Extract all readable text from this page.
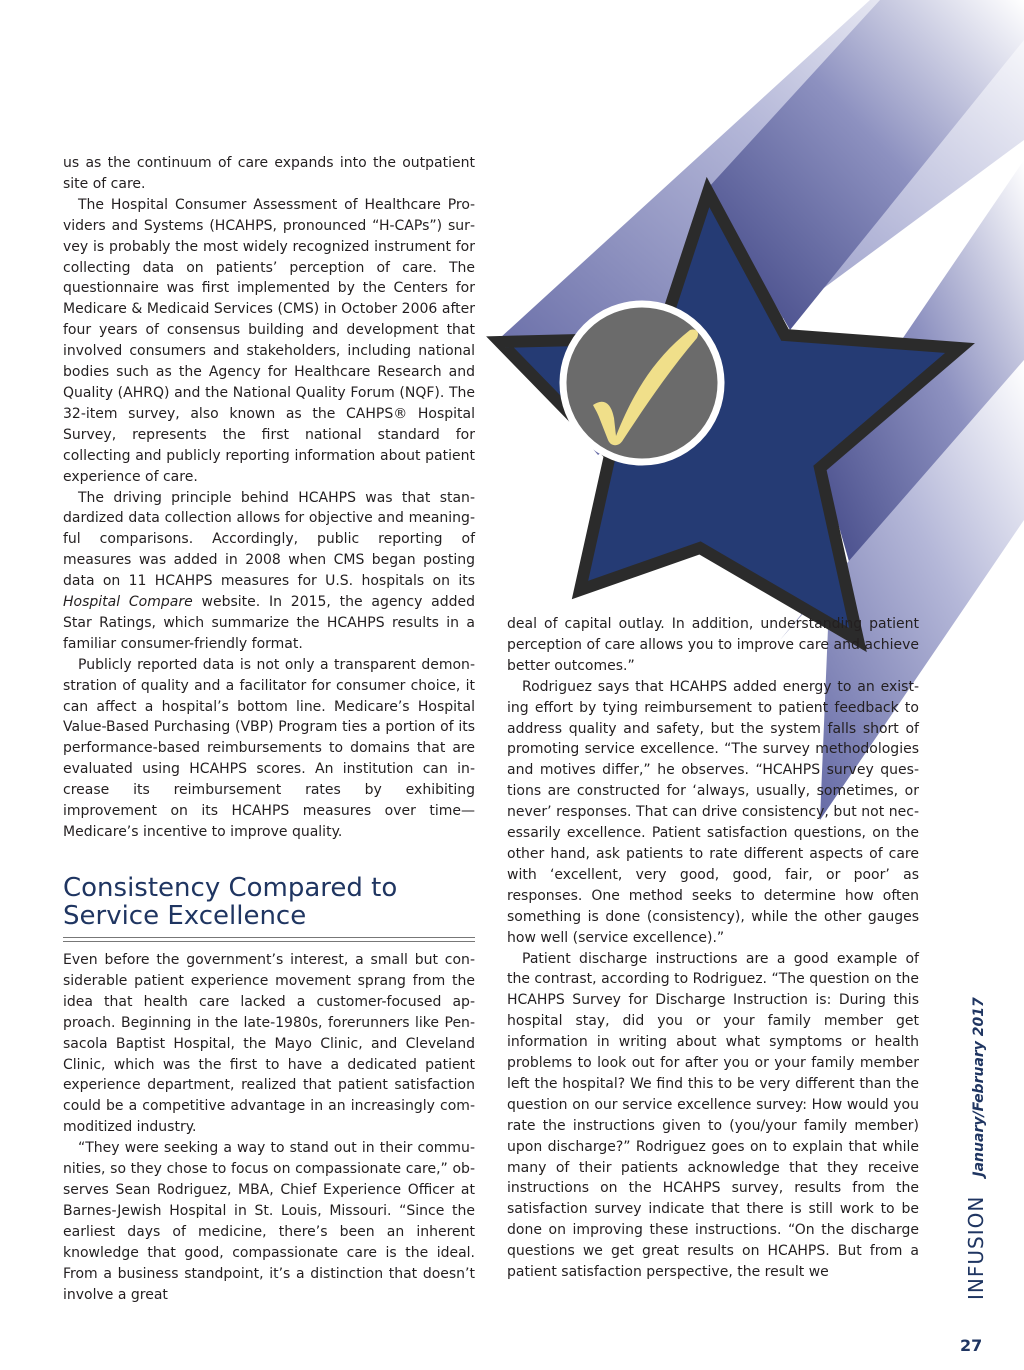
us as the continuum of care expands into the outpatient site of care.

The Hospital Consumer Assessment of Healthcare Providers and Systems (HCAHPS, pronounced “H-CAPs”) survey is probably the most widely recognized instrument for collecting data on patients’ perception of care. The questionnaire was first implemented by the Centers for Medicare & Medicaid Services (CMS) in October 2006 after four years of consensus building and development that involved consumers and stakeholders, including national bodies such as the Agency for Healthcare Research and Quality (AHRQ) and the National Quality Forum (NQF). The 32-item survey, also known as the CAHPS® Hospital Survey, represents the first national standard for collecting and publicly reporting information about patient experience of care.

The driving principle behind HCAHPS was that standardized data collection allows for objective and meaningful comparisons. Accordingly, public reporting of measures was added in 2008 when CMS began posting data on 11 HCAHPS measures for U.S. hospitals on its Hospital Compare website. In 2015, the agency added Star Ratings, which summarize the HCAHPS results in a familiar consumer-friendly format.

Publicly reported data is not only a transparent demonstration of quality and a facilitator for consumer choice, it can affect a hospital’s bottom line. Medicare’s Hospital Value-Based Purchasing (VBP) Program ties a portion of its performance-based reimbursements to domains that are evaluated using HCAHPS scores. An institution can increase its reimbursement rates by exhibiting improvement on its HCAHPS measures over time—Medicare’s incentive to improve quality.

Consistency Compared to
Service Excellence

Even before the government’s interest, a small but considerable patient experience movement sprang from the idea that health care lacked a customer-focused approach. Beginning in the late-1980s, forerunners like Pensacola Baptist Hospital, the Mayo Clinic, and Cleveland Clinic, which was the first to have a dedicated patient experience department, realized that patient satisfaction could be a competitive advantage in an increasingly commoditized industry.

“They were seeking a way to stand out in their communities, so they chose to focus on compassionate care,” observes Sean Rodriguez, MBA, Chief Experience Officer at Barnes-Jewish Hospital in St. Louis, Missouri. “Since the earliest days of medicine, there’s been an inherent knowledge that good, compassionate care is the ideal. From a business standpoint, it’s a distinction that doesn’t involve a great

deal of capital outlay. In addition, understanding patient perception of care allows you to improve care and achieve better outcomes.”

Rodriguez says that HCAHPS added energy to an existing effort by tying reimbursement to patient feedback to address quality and safety, but the system falls short of promoting service excellence. “The survey methodologies and motives differ,” he observes. “HCAHPS survey questions are constructed for ‘always, usually, sometimes, or never’ responses. That can drive consistency, but not necessarily excellence. Patient satisfaction questions, on the other hand, ask patients to rate different aspects of care with ‘excellent, very good, good, fair, or poor’ as responses. One method seeks to determine how often something is done (consistency), while the other gauges how well (service excellence).”

Patient discharge instructions are a good example of the contrast, according to Rodriguez. “The question on the HCAHPS Survey for Discharge Instruction is: During this hospital stay, did you or your family member get information in writing about what symptoms or health problems to look out for after you or your family member left the hospital? We find this to be very different than the question on our service excellence survey: How would you rate the instructions given to (you/your family member) upon discharge?” Rodriguez goes on to explain that while many of their patients acknowledge that they receive instructions on the HCAHPS survey, results from the satisfaction survey indicate that there is still work to be done on improving these instructions. “On the discharge questions we get great results on HCAHPS. But from a patient satisfaction perspective, the result we	INFUSION January/February 2017
27
